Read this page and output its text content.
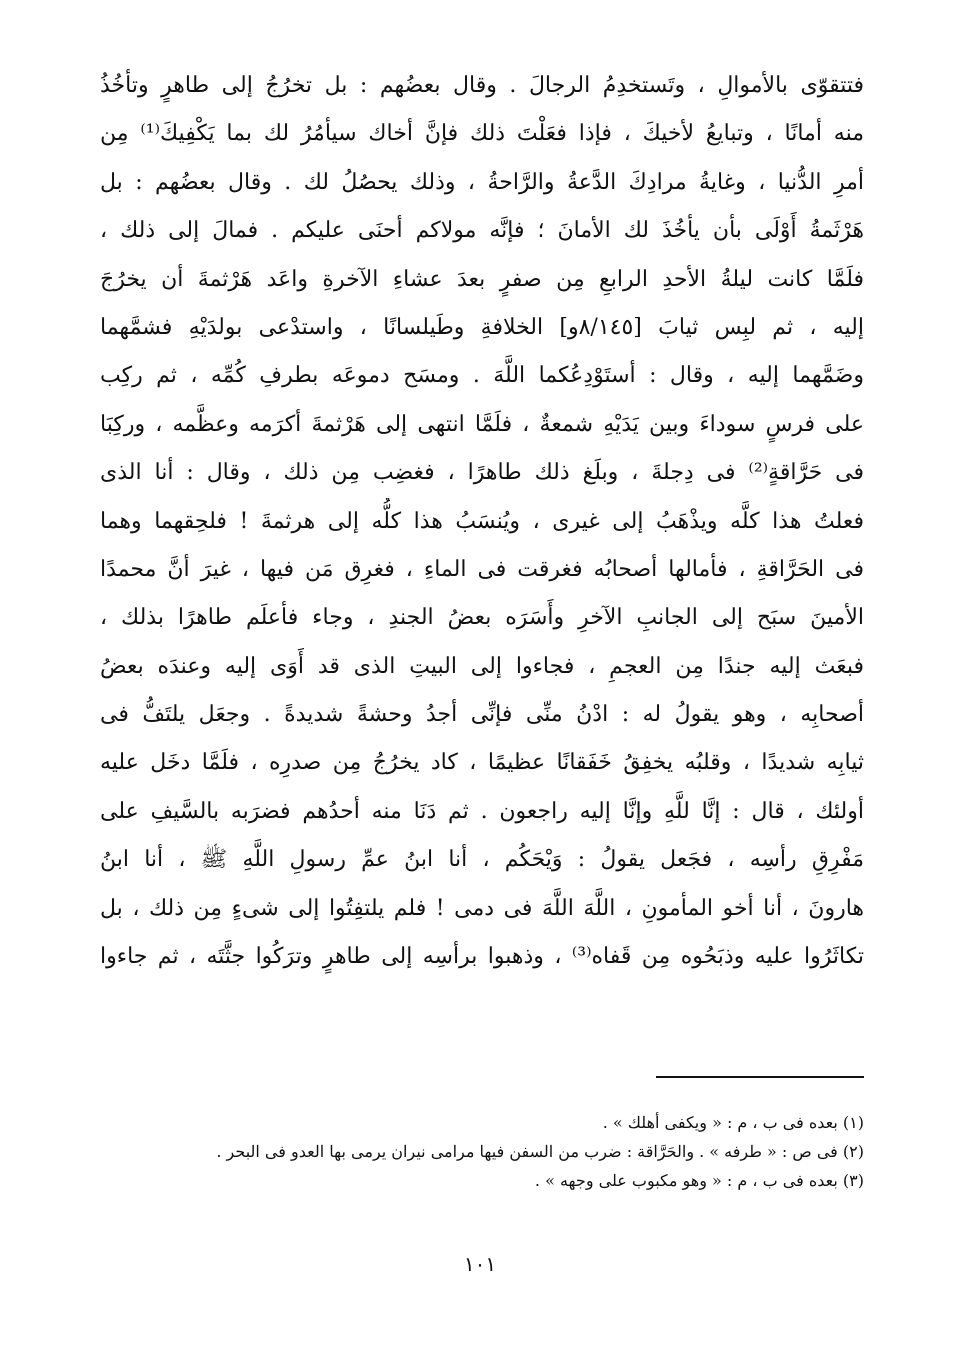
فتتقوّى بالأموالِ ، وتَستخدِمُ الرجالَ . وقال بعضُهم : بل تخرُجُ إلى طاهرٍ وتأخُذُ
منه أمانًا ، وتبايعُ لأخيكَ ، فإذا فعَلْتَ ذلك فإنَّ أخاك سيأمُرُ لك بما يَكْفِيكَ⁽¹⁾ مِن
أمرِ الدُّنيا ، وغايةُ مرادِكَ الدَّعةُ والرَّاحةُ ، وذلك يحصُلُ لك . وقال بعضُهم : بل
هَرْثَمةُ أَوْلَى بأن يأخُذَ لك الأمانَ ؛ فإنَّه مولاكم أحنَى عليكم . فمالَ إلى ذلك ،
فلَمَّا كانت ليلةُ الأحدِ الرابعِ مِن صفرٍ بعدَ عشاءِ الآخرةِ واعَد هَرْثمةَ أن يخرُجَ
إليه ، ثم لبِس ثيابَ [٨/١٤٥و] الخلافةِ وطَيلسانًا ، واستدْعى بولدَيْهِ فشمَّهما
وضَمَّهما إليه ، وقال : أستَوْدِعُكما اللَّهَ . ومسَح دموعَه بطرفِ كُمِّه ، ثم ركِب
على فرسٍ سوداءَ وبين يَدَيْهِ شمعةٌ ، فلَمَّا انتهى إلى هَرْثمةَ أكرَمه وعظَّمه ، وركِبَا
فى حَرَّاقةٍ⁽²⁾ فى دِجلةَ ، وبلَغ ذلك طاهرًا ، فغضِب مِن ذلك ، وقال : أنا الذى
فعلتُ هذا كلَّه ويذْهَبُ إلى غيرى ، ويُنسَبُ هذا كلُّه إلى هرثمةَ ! فلحِقهما وهما
فى الحَرَّاقةِ ، فأمالها أصحابُه فغرقت فى الماءِ ، فغرِق مَن فيها ، غيرَ أنَّ محمدًا
الأمينَ سبَح إلى الجانبِ الآخرِ وأَسَرَه بعضُ الجندِ ، وجاء فأعلَم طاهرًا بذلك ،
فبعَث إليه جندًا مِن العجمِ ، فجاءوا إلى البيتِ الذى قد أَوَى إليه وعندَه بعضُ
أصحابِه ، وهو يقولُ له : ادْنُ منِّى فإنِّى أجدُ وحشةً شديدةً . وجعَل يلتَفُّ فى
ثيابِه شديدًا ، وقلبُه يخفِقُ خَفَقانًا عظيمًا ، كاد يخرُجُ مِن صدرِه ، فلَمَّا دخَل عليه
أولئك ، قال : إنَّا للَّهِ وإنَّا إليه راجعون . ثم دَنَا منه أحدُهم فضرَبه بالسَّيفِ على
مَفْرِقِ رأسِه ، فجَعل يقولُ : وَيْحَكُم ، أنا ابنُ عمِّ رسولِ اللَّهِ ﷺ ، أنا ابنُ
هارونَ ، أنا أخو المأمونِ ، اللَّهَ اللَّهَ فى دمى ! فلم يلتفِتُوا إلى شىءٍ مِن ذلك ، بل
تكاثَرُوا عليه وذبَحُوه مِن قَفاه⁽³⁾ ، وذهبوا برأسِه إلى طاهرٍ وترَكُوا جثَّتَه ، ثم جاءوا
(١) بعده فى ب ، م : « ويكفى أهلك » .
(٢) فى ص : « طرفه » . والحَرَّاقة : ضرب من السفن فيها مرامى نيران يرمى بها العدو فى البحر .
(٣) بعده فى ب ، م : « وهو مكبوب على وجهه » .
١٠١
